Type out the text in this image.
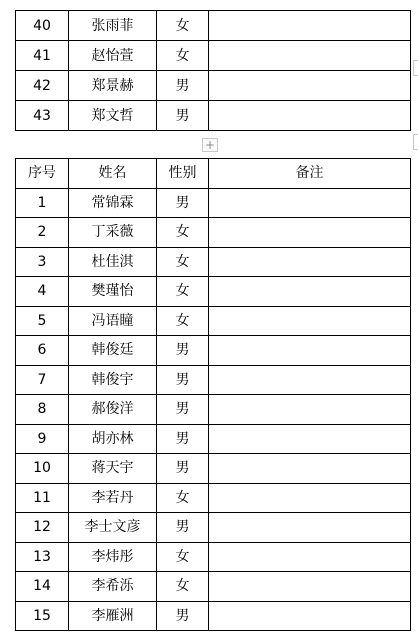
40	张雨菲	女	
41	赵怡萱	女	
42	郑景赫	男	
43	郑文哲	男	
+
序号	姓名	性别	备注
1	常锦霖	男	
2	丁采薇	女	
3	杜佳淇	女	
4	樊瑾怡	女	
5	冯语瞳	女	
6	韩俊廷	男	
7	韩俊宇	男	
8	郝俊洋	男	
9	胡亦林	男	
10	蒋天宇	男	
11	李若丹	女	
12	李士文彦	男	
13	李炜彤	女	
14	李希泺	女	
15	李雁洲	男	
